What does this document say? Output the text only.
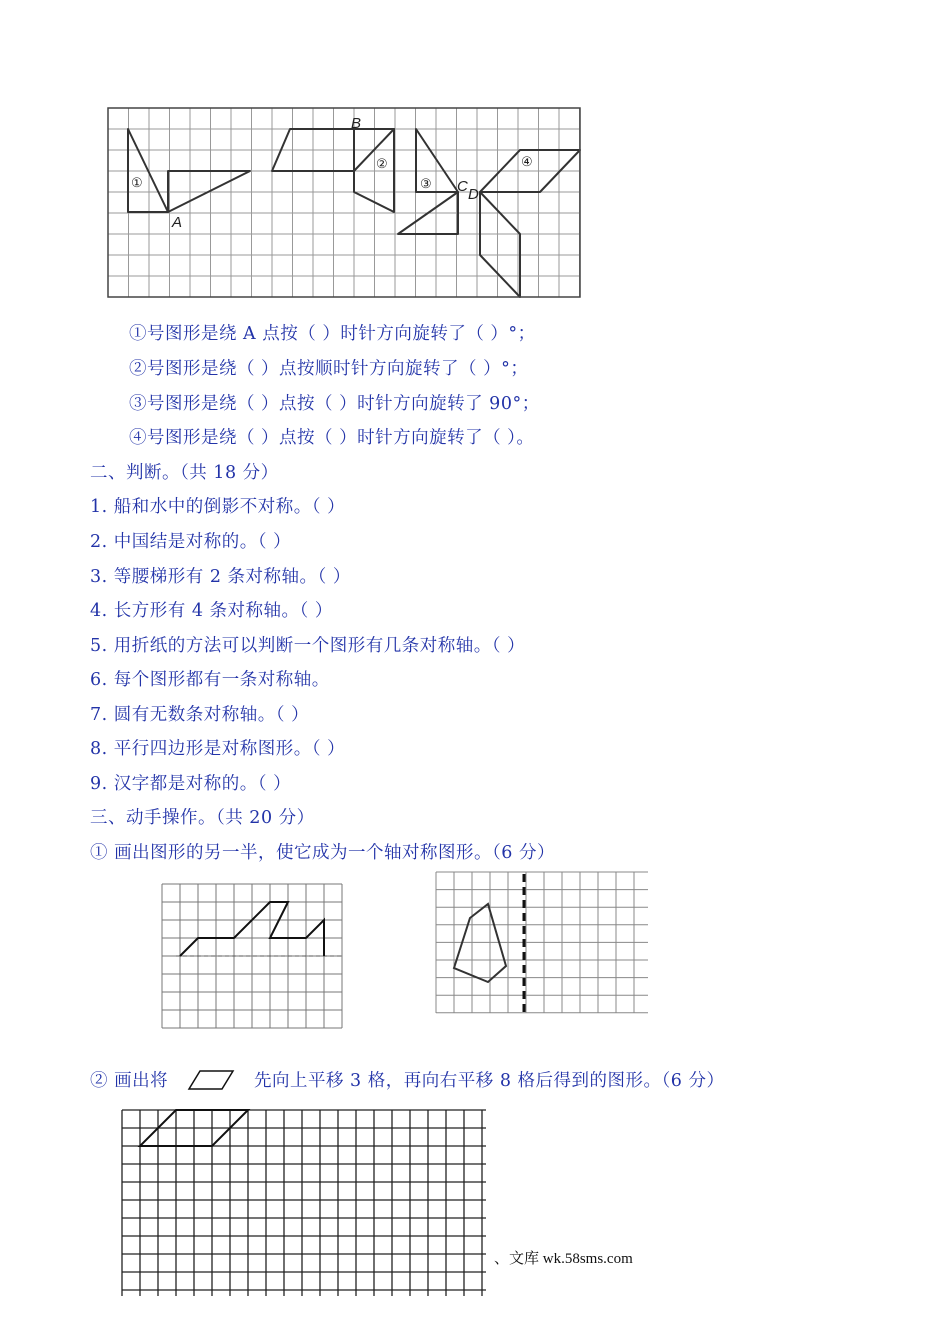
A
B
C D
①
②
③
④
①号图形是绕 A 点按（ ）时针方向旋转了（ ）°；
②号图形是绕（ ）点按顺时针方向旋转了（ ）°；
③号图形是绕（ ）点按（ ）时针方向旋转了 90°；
④号图形是绕（ ）点按（ ）时针方向旋转了（ ）。
二、判断。（共 18 分）
1. 船和水中的倒影不对称。（ ）
2. 中国结是对称的。（ ）
3. 等腰梯形有 2 条对称轴。（ ）
4. 长方形有 4 条对称轴。（ ）
5. 用折纸的方法可以判断一个图形有几条对称轴。（ ）
6. 每个图形都有一条对称轴。
7. 圆有无数条对称轴。（ ）
8. 平行四边形是对称图形。（ ）
9. 汉字都是对称的。（ ）
三、动手操作。（共 20 分）
① 画出图形的另一半，使它成为一个轴对称图形。（6 分）
② 画出将	先向上平移 3 格，再向右平移 8 格后得到的图形。（6 分）
、文库 wk.58sms.com
